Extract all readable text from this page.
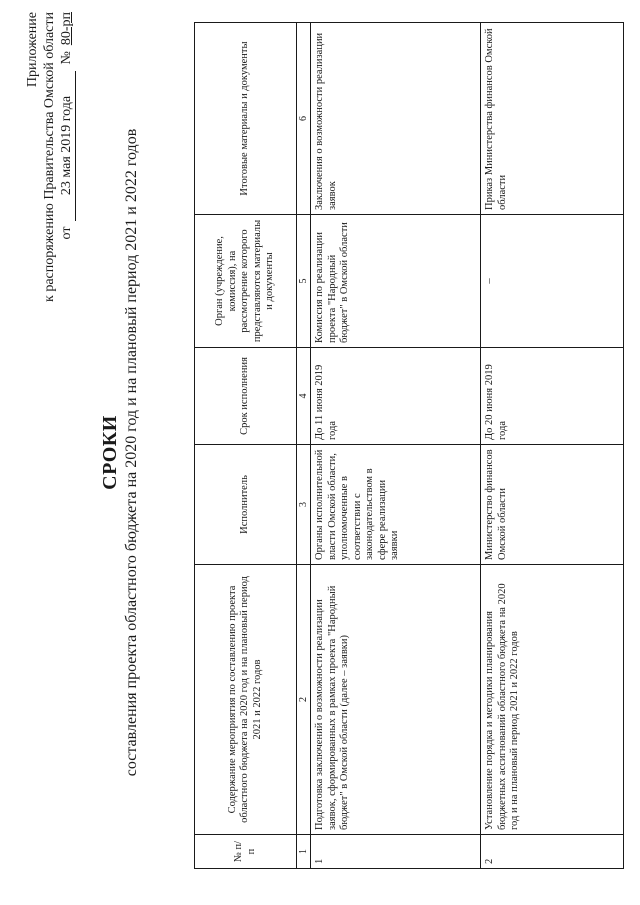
Приложение к распоряжению Правительства Омской области от
23 мая 2019 года
№
80-рп
СРОКИ составления проекта областного бюджета на 2020 год и на плановый период 2021 и 2022 годов
№ п/п	Содержание мероприятия по составлению проекта областного бюджета на 2020 год и на плановый период 2021 и 2022 годов	Исполнитель	Срок исполнения	Орган (учреждение, комиссия), на рассмотрение которого представляются материалы и документы	Итоговые материалы и документы
1	2	3	4	5	6
1	Подготовка заключений о возможности реализации заявок, сформированных в рамках проекта "Народный бюджет" в Омской области (далее – заявки)	Органы исполнительной власти Омской области, уполномоченные в соответствии с законодательством в сфере реализации заявки	До 11 июня 2019 года	Комиссия по реализации проекта "Народный бюджет" в Омской области	Заключения о возможности реализации заявок
2	Установление порядка и методики планирования бюджетных ассигнований областного бюджета на 2020 год и на плановый период 2021 и 2022 годов	Министерство финансов Омской области	До 20 июня 2019 года	–	Приказ Министерства финансов Омской области
